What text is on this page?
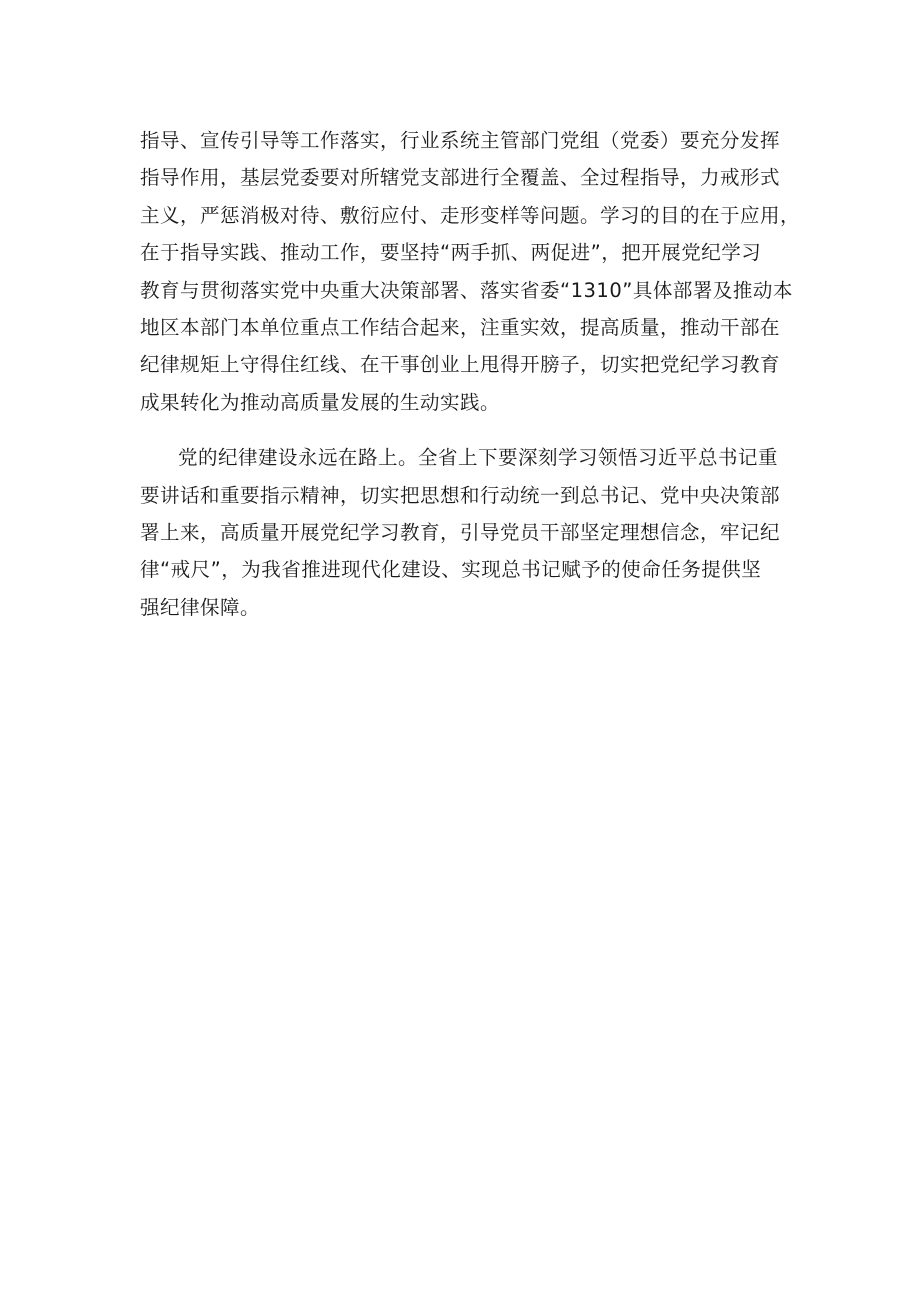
指导、宣传引导等工作落实，行业系统主管部门党组（党委）要充分发挥
指导作用，基层党委要对所辖党支部进行全覆盖、全过程指导，力戒形式
主义，严惩消极对待、敷衍应付、走形变样等问题。学习的目的在于应用，
在于指导实践、推动工作，要坚持“两手抓、两促进”，把开展党纪学习
教育与贯彻落实党中央重大决策部署、落实省委“1310”具体部署及推动本
地区本部门本单位重点工作结合起来，注重实效，提高质量，推动干部在
纪律规矩上守得住红线、在干事创业上甩得开膀子，切实把党纪学习教育
成果转化为推动高质量发展的生动实践。
党的纪律建设永远在路上。全省上下要深刻学习领悟习近平总书记重
要讲话和重要指示精神，切实把思想和行动统一到总书记、党中央决策部
署上来，高质量开展党纪学习教育，引导党员干部坚定理想信念，牢记纪
律“戒尺”，为我省推进现代化建设、实现总书记赋予的使命任务提供坚
强纪律保障。
